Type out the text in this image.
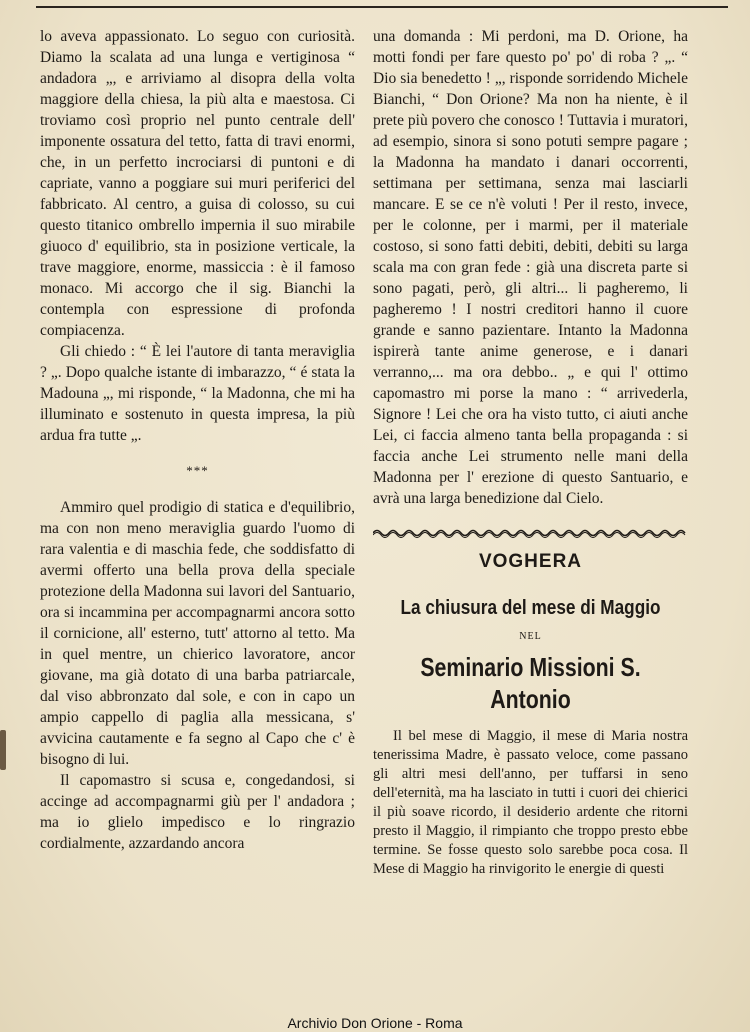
lo aveva appassionato. Lo seguo con curiosità. Diamo la scalata ad una lunga e vertiginosa “ andadora „, e arriviamo al disopra della volta maggiore della chiesa, la più alta e maestosa. Ci troviamo così proprio nel punto centrale dell' imponente ossatura del tetto, fatta di travi enormi, che, in un perfetto incrociarsi di puntoni e di capriate, vanno a poggiare sui muri periferici del fabbricato. Al centro, a guisa di colosso, su cui questo titanico ombrello impernia il suo mirabile giuoco d' equilibrio, sta in posizione verticale, la trave maggiore, enorme, massiccia : è il famoso monaco. Mi accorgo che il sig. Bianchi la contempla con espressione di profonda compiacenza.

Gli chiedo : “ È lei l'autore di tanta meraviglia ? „. Dopo qualche istante di imbarazzo, “ é stata la Madouna „, mi risponde, “ la Madonna, che mi ha illuminato e sostenuto in questa impresa, la più ardua fra tutte „.

***

Ammiro quel prodigio di statica e d'equilibrio, ma con non meno meraviglia guardo l'uomo di rara valentia e di maschia fede, che soddisfatto di avermi offerto una bella prova della speciale protezione della Madonna sui lavori del Santuario, ora si incammina per accompagnarmi ancora sotto il cornicione, all' esterno, tutt' attorno al tetto. Ma in quel mentre, un chierico lavoratore, ancor giovane, ma già dotato di una barba patriarcale, dal viso abbronzato dal sole, e con in capo un ampio cappello di paglia alla messicana, s' avvicina cautamente e fa segno al Capo che c' è bisogno di lui.

Il capomastro si scusa e, congedandosi, si accinge ad accompagnarmi giù per l' andadora ; ma io glielo impedisco e lo ringrazio cordialmente, azzardando ancora

una domanda : Mi perdoni, ma D. Orione, ha motti fondi per fare questo po' po' di roba ? „. “ Dio sia benedetto ! „, risponde sorridendo Michele Bianchi, “ Don Orione? Ma non ha niente, è il prete più povero che conosco ! Tuttavia i muratori, ad esempio, sinora si sono potuti sempre pagare ; la Madonna ha mandato i danari occorrenti, settimana per settimana, senza mai lasciarli mancare. E se ce n'è voluti ! Per il resto, invece, per le colonne, per i marmi, per il materiale costoso, si sono fatti debiti, debiti, debiti su larga scala ma con gran fede : già una discreta parte si sono pagati, però, gli altri... li pagheremo, li pagheremo ! I nostri creditori hanno il cuore grande e sanno pazientare. Intanto la Madonna ispirerà tante anime generose, e i danari verranno,... ma ora debbo.. „ e qui l' ottimo capomastro mi porse la mano : “ arrivederla, Signore ! Lei che ora ha visto tutto, ci aiuti anche Lei, ci faccia almeno tanta bella propaganda : si faccia anche Lei strumento nelle mani della Madonna per l' erezione di questo Santuario, e avrà una larga benedizione dal Cielo.

VOGHERA

La chiusura del mese di Maggio

NEL

Seminario Missioni S. Antonio

Il bel mese di Maggio, il mese di Maria nostra tenerissima Madre, è passato veloce, come passano gli altri mesi dell'anno, per tuffarsi in seno dell'eternità, ma ha lasciato in tutti i cuori dei chierici il più soave ricordo, il desiderio ardente che ritorni presto il Maggio, il rimpianto che troppo presto ebbe termine. Se fosse questo solo sarebbe poca cosa. Il Mese di Maggio ha rinvigorito le energie di questi

Archivio Don Orione - Roma
